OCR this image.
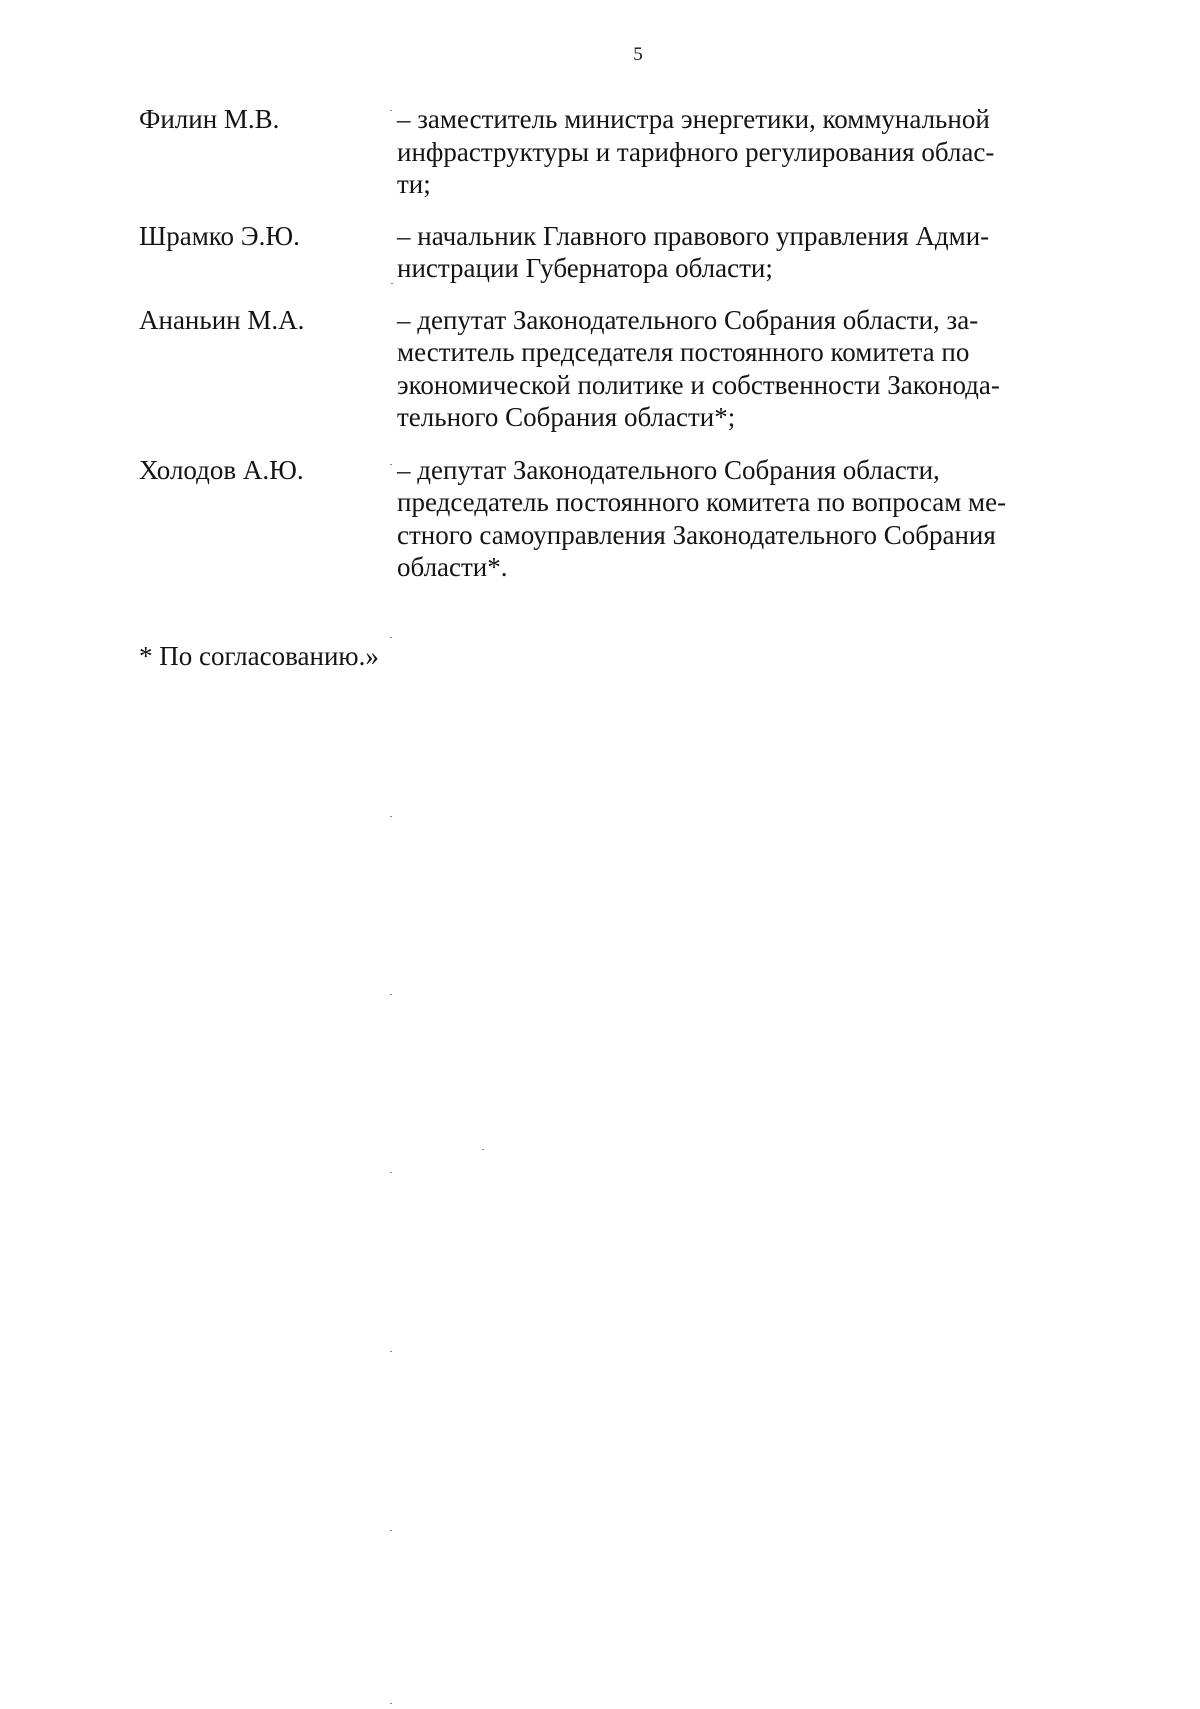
5
Филин М.В.	– заместитель министра энергетики, коммунальной
инфраструктуры и тарифного регулирования облас-
ти;
Шрамко Э.Ю.	– начальник Главного правового управления Адми-
нистрации Губернатора области;
Ананьин М.А.	– депутат Законодательного Собрания области, за-
меститель председателя постоянного комитета по
экономической политике и собственности Законода-
тельного Собрания области*;
Холодов А.Ю.	– депутат Законодательного Собрания области,
председатель постоянного комитета по вопросам ме-
стного самоуправления Законодательного Собрания
области*.
* По согласованию.»
